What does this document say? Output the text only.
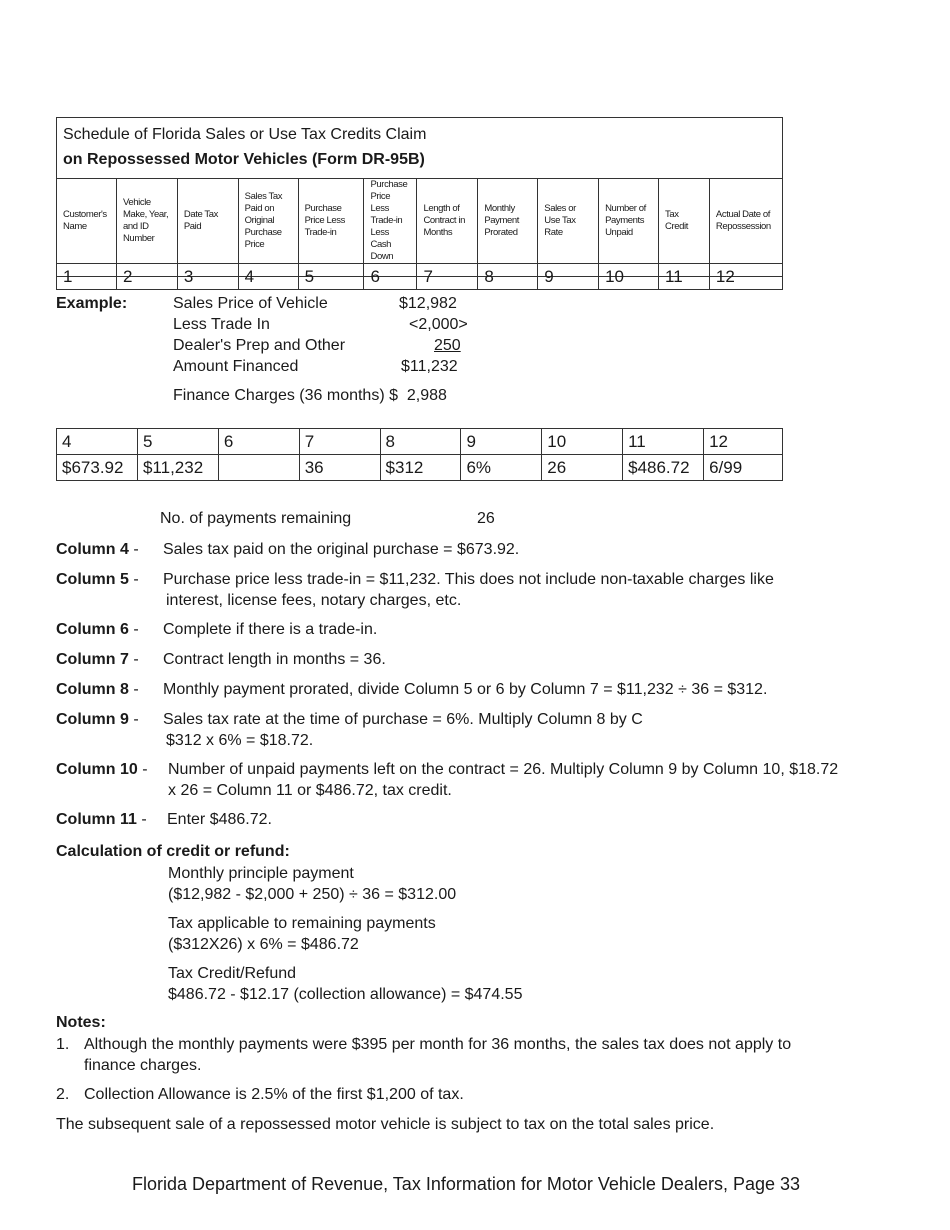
Schedule of Florida Sales or Use Tax Credits Claim
on Repossessed Motor Vehicles (Form DR-95B)
Customer's Name	Vehicle Make, Year, and ID Number	Date Tax Paid	Sales Tax Paid on Original Purchase Price	Purchase Price Less Trade-in	Purchase Price Less Trade-in Less Cash Down	Length of Contract in Months	Monthly Payment Prorated	Sales or Use Tax Rate	Number of Payments Unpaid	Tax Credit	Actual Date of Repossession
1	2	3	4	5	6	7	8	9	10	11	12
Example:	Sales Price of Vehicle	$12,982
Less Trade In	<2,000>
Dealer's Prep and Other	250
Amount Financed	$11,232
Finance Charges (36 months) $  2,988
4	5	6	7	8	9	10	11	12
$673.92	$11,232		36	$312	6%	26	$486.72	6/99
No. of payments remaining	26
Column 4 - Sales tax paid on the original purchase = $673.92.
Column 5 - Purchase price less trade-in = $11,232. This does not include non-taxable charges like
interest, license fees, notary charges, etc.
Column 6 - Complete if there is a trade-in.
Column 7 - Contract length in months = 36.
Column 8 - Monthly payment prorated, divide Column 5 or 6 by Column 7 = $11,232 ÷ 36 = $312.
Column 9 - Sales tax rate at the time of purchase = 6%. Multiply Column 8 by C
$312 x 6% = $18.72.
Column 10 - Number of unpaid payments left on the contract = 26. Multiply Column 9 by Column 10, $18.72
x 26 = Column 11 or $486.72, tax credit.
Column 11 - Enter $486.72.
Calculation of credit or refund:
Monthly principle payment
($12,982 - $2,000 + 250) ÷ 36 = $312.00
Tax applicable to remaining payments
($312X26) x 6% = $486.72
Tax Credit/Refund
$486.72 - $12.17 (collection allowance) = $474.55
Notes:
1. Although the monthly payments were $395 per month for 36 months, the sales tax does not apply to
finance charges.
2. Collection Allowance is 2.5% of the first $1,200 of tax.
The subsequent sale of a repossessed motor vehicle is subject to tax on the total sales price.
Florida Department of Revenue, Tax Information for Motor Vehicle Dealers, Page 33
